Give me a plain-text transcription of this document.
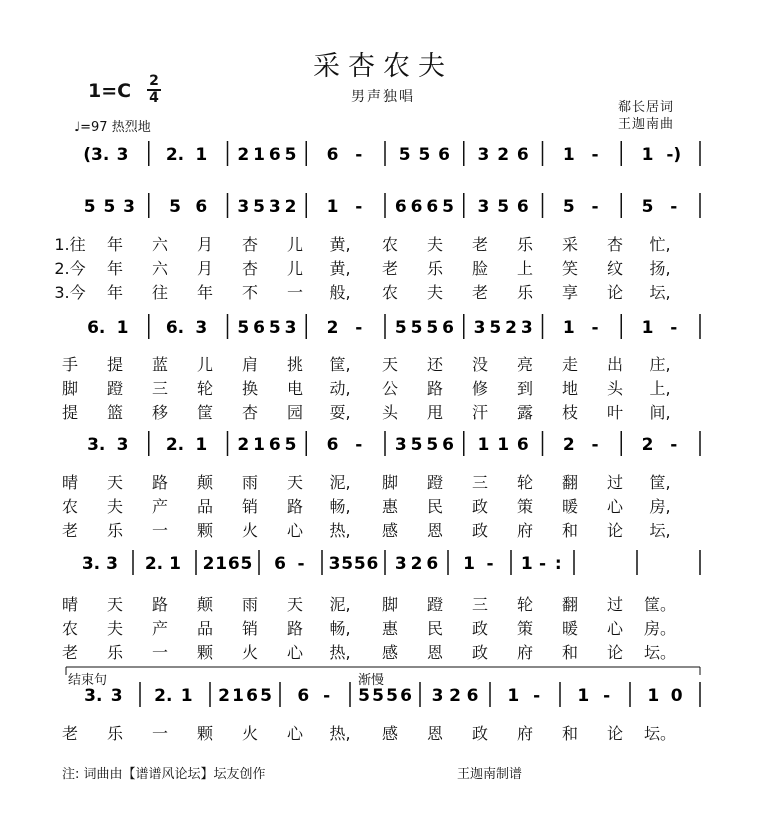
采杏农夫
男声独唱
1=C 2
4
♩=97 热烈地
郗长居词
王迦南曲
结束句	渐慢
(3. 3 2. 1 2 1 6 5 6 - 5 5 6 3 2 6 1 -	1 -)
5 5 3 5 6 3 5 3 2 1 - 6 6 6 5 3 5 6 5 -	5 -
6. 1 6. 3 5 6 5 3 2 - 5 5 5 6 3 5 2 3 1 -	1 -
3. 3 2. 1 2 1 6 5 6 - 3 5 5 6 1 1 6 2 -	2 -
3. 3 2. 1 2 1 6 5 6 - 3 5 5 6 3 2 6 1 - 1 - :
3. 3 2. 1 2 1 6 5 6 - 5 5 5 6 3 2 6 1 - 1 - 1 0
1.往 年 六 月 杏 儿 黄, 农 夫 老 乐 采 杏 忙,
2.今 年 六 月 杏 儿 黄, 老 乐 脸 上 笑 纹 扬,
3.今 年 往 年 不 一 般, 农 夫 老 乐 享 论 坛,
手 提 蓝 儿 肩 挑 筐, 天 还 没 亮 走 出 庄,
脚 蹬 三 轮 换 电 动, 公 路 修 到 地 头 上,
提 篮 移 筐 杏 园 耍, 头 甩 汗 露 枝 叶 间,
晴 天 路 颠 雨 天 泥, 脚 蹬 三 轮 翻 过 筐,
农 夫 产 品 销 路 畅, 惠 民 政 策 暖 心 房,
老 乐 一 颗 火 心 热, 感 恩 政 府 和 论 坛,
晴 天 路 颠 雨 天 泥, 脚 蹬 三 轮 翻 过 筐。
农 夫 产 品 销 路 畅, 惠 民 政 策 暖 心 房。
老 乐 一 颗 火 心 热, 感 恩 政 府 和 论 坛。
老 乐 一 颗 火 心 热, 感 恩 政 府 和 论 坛。
注: 词曲由【谱谱风论坛】坛友创作	王迦南制谱
